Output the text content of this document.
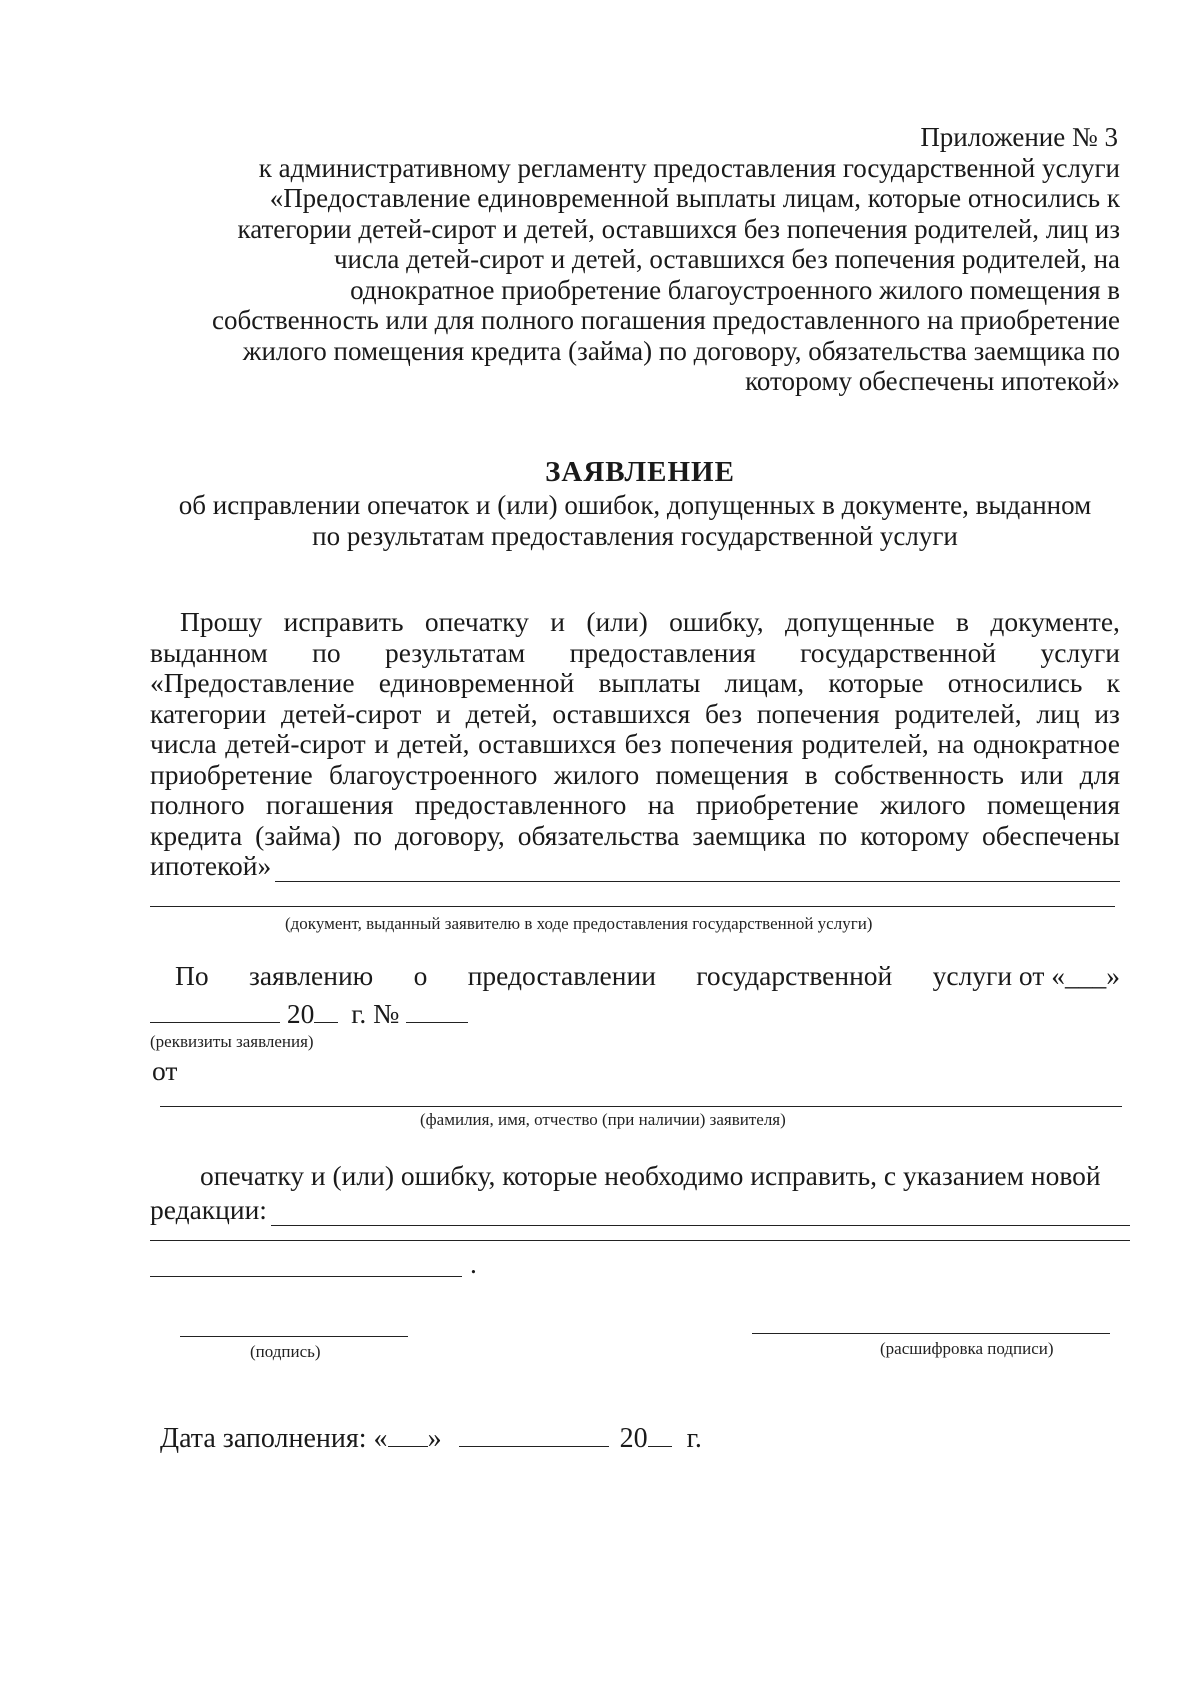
Приложение № 3
к административному регламенту предоставления государственной услуги
«Предоставление единовременной выплаты лицам, которые относились к
категории детей-сирот и детей, оставшихся без попечения родителей, лиц из
числа детей-сирот и детей, оставшихся без попечения родителей, на
однократное приобретение благоустроенного жилого помещения в
собственность или для полного погашения предоставленного на приобретение
жилого помещения кредита (займа) по договору, обязательства заемщика по
которому обеспечены ипотекой»
ЗАЯВЛЕНИЕ
об исправлении опечаток и (или) ошибок, допущенных в документе, выданном
по результатам предоставления государственной услуги
Прошу исправить опечатку и (или) ошибку, допущенные в документе,
выданном по результатам предоставления государственной услуги
«Предоставление единовременной выплаты лицам, которые относились к
категории детей-сирот и детей, оставшихся без попечения родителей, лиц из
числа детей-сирот и детей, оставшихся без попечения родителей, на однократное
приобретение благоустроенного жилого помещения в собственность или для
полного погашения предоставленного на приобретение жилого помещения
кредита (займа) по договору, обязательства заемщика по которому обеспечены
ипотекой»
(документ, выданный заявителю в ходе предоставления государственной услуги)
По заявлению о предоставлении государственной услуги от «___»
20 г. №
(реквизиты заявления)
от
(фамилия, имя, отчество (при наличии) заявителя)
опечатку и (или) ошибку, которые необходимо исправить, с указанием новой
редакции:
.
(подпись)	(расшифровка подписи)
Дата заполнения: « »	20 г.
